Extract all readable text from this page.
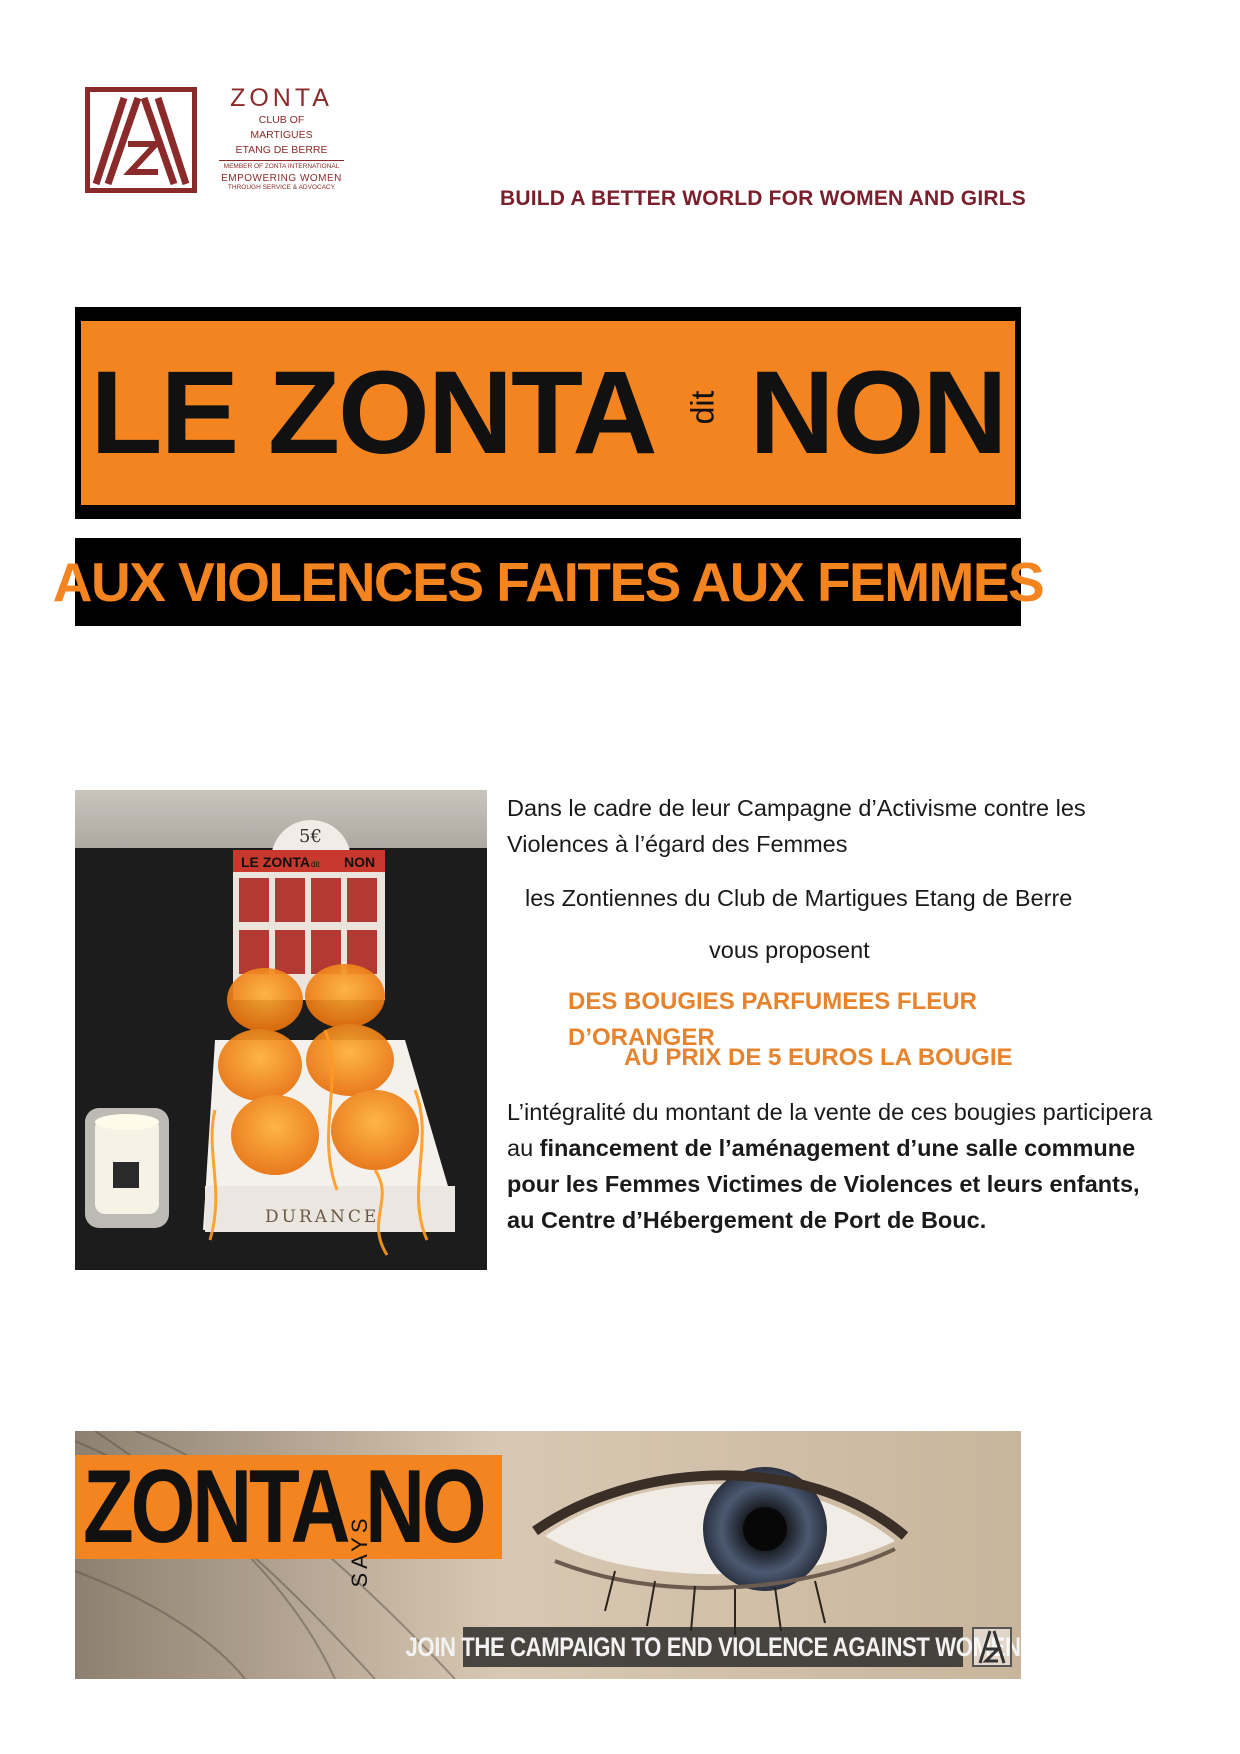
ZONTA
CLUB OF
MARTIGUES
ETANG DE BERRE
MEMBER OF ZONTA INTERNATIONAL
EMPOWERING WOMEN
THROUGH SERVICE & ADVOCACY	BUILD A BETTER WORLD FOR WOMEN AND GIRLS
LE ZONTA dit NON
AUX VIOLENCES FAITES AUX FEMMES
5€
LE ZONTA dit NON
DURANCE
Dans le cadre de leur Campagne d’Activisme contre les Violences à l’égard des Femmes
les Zontiennes du Club de Martigues Etang de Berre
vous proposent
DES BOUGIES PARFUMEES FLEUR D’ORANGER
AU PRIX DE 5 EUROS LA BOUGIE
L’intégralité du montant de la vente de ces bougies participera au financement de l’aménagement d’une salle commune pour les Femmes Victimes de Violences et leurs enfants, au Centre d’Hébergement de Port de Bouc.
ZONTA NO
SAYS
JOIN THE CAMPAIGN TO END VIOLENCE AGAINST WOMEN
